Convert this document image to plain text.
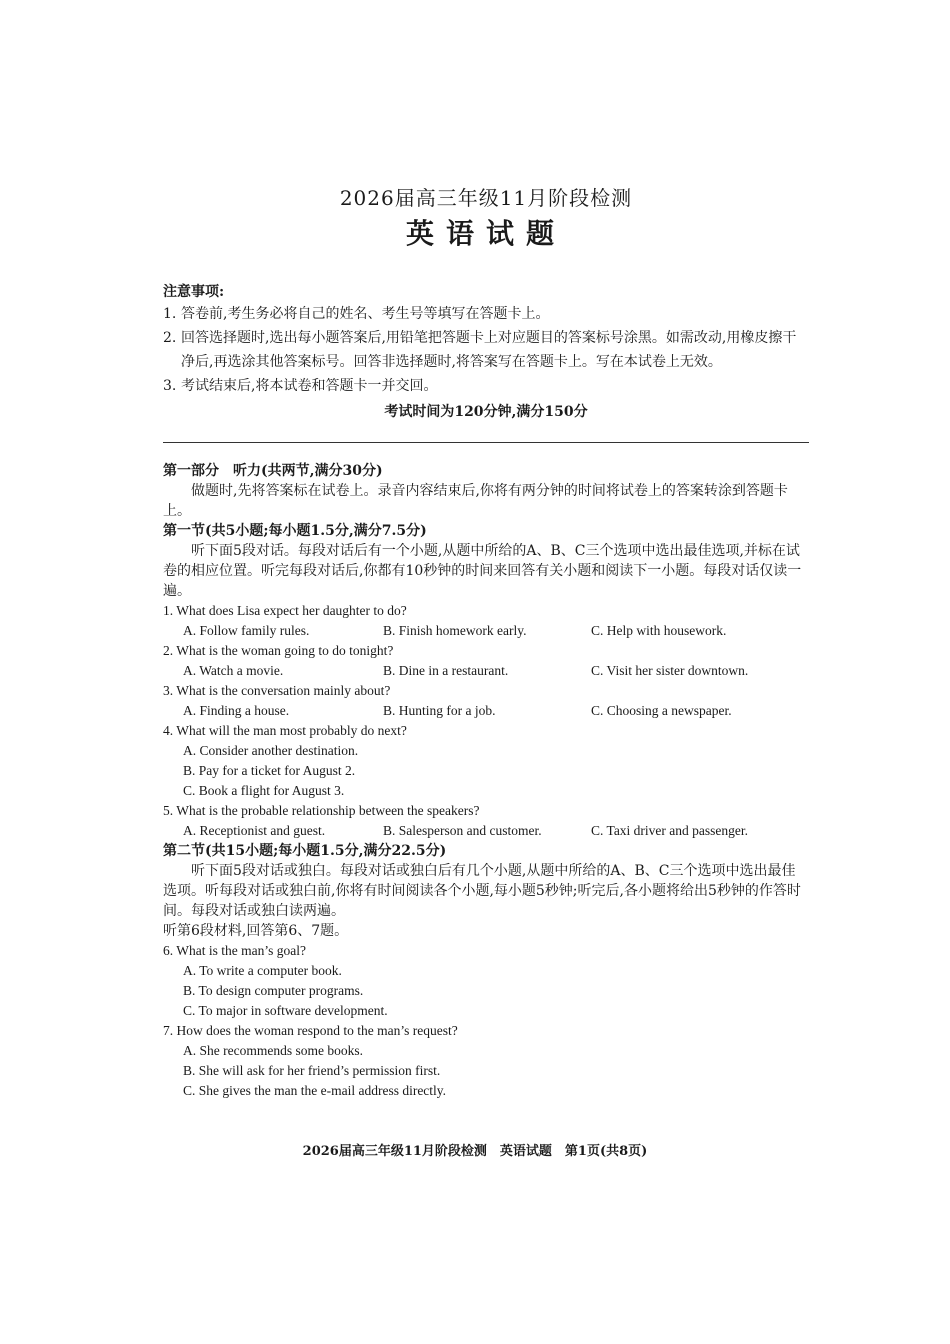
2026届高三年级11月阶段检测
英语试题
注意事项:
1. 答卷前,考生务必将自己的姓名、考生号等填写在答题卡上。
2. 回答选择题时,选出每小题答案后,用铅笔把答题卡上对应题目的答案标号涂黑。如需改动,用橡皮擦干净后,再选涂其他答案标号。回答非选择题时,将答案写在答题卡上。写在本试卷上无效。
3. 考试结束后,将本试卷和答题卡一并交回。
考试时间为120分钟,满分150分
第一部分　听力(共两节,满分30分)
做题时,先将答案标在试卷上。录音内容结束后,你将有两分钟的时间将试卷上的答案转涂到答题卡上。
第一节(共5小题;每小题1.5分,满分7.5分)
听下面5段对话。每段对话后有一个小题,从题中所给的A、B、C三个选项中选出最佳选项,并标在试卷的相应位置。听完每段对话后,你都有10秒钟的时间来回答有关小题和阅读下一小题。每段对话仅读一遍。
1. What does Lisa expect her daughter to do?
A. Follow family rules.	B. Finish homework early.	C. Help with housework.
2. What is the woman going to do tonight?
A. Watch a movie.	B. Dine in a restaurant.	C. Visit her sister downtown.
3. What is the conversation mainly about?
A. Finding a house.	B. Hunting for a job.	C. Choosing a newspaper.
4. What will the man most probably do next?
A. Consider another destination.
B. Pay for a ticket for August 2.
C. Book a flight for August 3.
5. What is the probable relationship between the speakers?
A. Receptionist and guest.	B. Salesperson and customer.	C. Taxi driver and passenger.
第二节(共15小题;每小题1.5分,满分22.5分)
听下面5段对话或独白。每段对话或独白后有几个小题,从题中所给的A、B、C三个选项中选出最佳选项。听每段对话或独白前,你将有时间阅读各个小题,每小题5秒钟;听完后,各小题将给出5秒钟的作答时间。每段对话或独白读两遍。
听第6段材料,回答第6、7题。
6. What is the man’s goal?
A. To write a computer book.
B. To design computer programs.
C. To major in software development.
7. How does the woman respond to the man’s request?
A. She recommends some books.
B. She will ask for her friend’s permission first.
C. She gives the man the e-mail address directly.
2026届高三年级11月阶段检测　英语试题　第1页(共8页)
